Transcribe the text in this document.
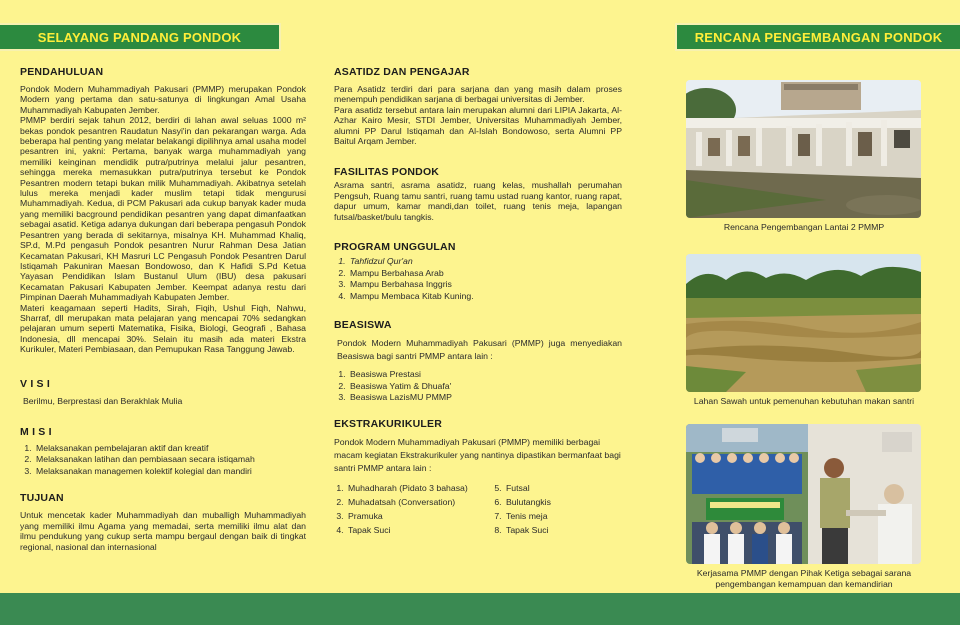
SELAYANG PANDANG PONDOK	RENCANA PENGEMBANGAN PONDOK
PENDAHULUAN

Pondok Modern Muhammadiyah Pakusari (PMMP) merupakan Pondok Modern yang pertama dan satu-satunya di lingkungan Amal Usaha Muhammadiyah Kabupaten Jember.

PMMP berdiri sejak tahun 2012, berdiri di lahan awal seluas 1000 m² bekas pondok pesantren Raudatun Nasyi'in dan pekarangan warga. Ada beberapa hal penting yang melatar belakangi dipilihnya amal usaha model pesantren ini, yakni: Pertama, banyak warga muhammadiyah yang memiliki keinginan mendidik putra/putrinya melalui jalur pesantren, sehingga mereka memasukkan putra/putrinya tersebut ke Pondok Pesantren modern tetapi bukan milik Muhammadiyah. Akibatnya setelah lulus mereka menjadi kader muslim tetapi tidak mengurusi Muhammadiyah. Kedua, di PCM Pakusari ada cukup banyak kader muda yang memiliki bacground pendidikan pesantren yang dapat dimanfaatkan sebagai asatid. Ketiga adanya dukungan dari beberapa pengasuh Pondok Pesantren yang berada di sekitarnya, misalnya KH. Muhammad Khaliq, SP.d, M.Pd pengasuh Pondok pesantren Nurur Rahman Desa Jatian Kecamatan Pakusari, KH Masruri LC Pengasuh Pondok Pesantren Darul Istiqamah Pakuniran Maesan Bondowoso, dan K Hafidi S.Pd Ketua Yayasan Pendidikan Islam Bustanul Ulum (IBU) desa pakusari Kecamatan Pakusari Kabupaten Jember. Keempat adanya restu dari Pimpinan Daerah Muhammadiyah Kabupaten Jember.

Materi keagamaan seperti Hadits, Sirah, Fiqih, Ushul Fiqh, Nahwu, Sharraf, dll merupakan mata pelajaran yang mencapai 70% sedangkan pelajaran umum seperti Matematika, Fisika, Biologi, Geografi , Bahasa Indonesia, dll mencapai 30%. Selain itu masih ada materi Ekstra Kurikuler, Materi Pembiasaan, dan Pemupukan Rasa Tanggung Jawab.

V I S I

Berilmu, Berprestasi dan Berakhlak Mulia

M I S I
1. Melaksanakan pembelajaran aktif dan kreatif
2. Melaksanakan latihan dan pembiasaan secara istiqamah
3. Melaksanakan managemen kolektif kolegial dan mandiri
TUJUAN

Untuk mencetak kader Muhammadiyah dan muballigh Muhammadiyah yang memiliki ilmu Agama yang memadai, serta memiliki ilmu alat dan ilmu pendukung yang cukup serta mampu bergaul dengan baik di tingkat regional, nasional dan internasional

ASATIDZ DAN PENGAJAR

Para Asatidz terdiri dari para sarjana dan yang masih dalam proses menempuh pendidikan sarjana di berbagai universitas di Jember.

Para asatidz tersebut antara lain merupakan alumni dari LIPIA Jakarta, Al-Azhar Kairo Mesir, STDI Jember, Universitas Muhammadiyah Jember, alumni PP Darul Istiqamah dan Al-Islah Bondowoso, serta Alumni PP Baitul Arqam Jember.

FASILITAS PONDOK

Asrama santri, asrama asatidz, ruang kelas, mushallah perumahan Pengsuh, Ruang tamu santri, ruang tamu ustad ruang kantor, ruang rapat, dapur umum, kamar mandi,dan toilet, ruang tenis meja, lapangan futsal/basket/bulu tangkis.

PROGRAM UNGGULAN
1. Tahfidzul Qur'an
2. Mampu Berbahasa Arab
3. Mampu Berbahasa Inggris
4. Mampu Membaca Kitab Kuning.
BEASISWA

Pondok Modern Muhammadiyah Pakusari (PMMP) juga menyediakan Beasiswa bagi santri PMMP antara lain :

1. Beasiswa Prestasi
2. Beasiswa Yatim & Dhuafa'
3. Beasiswa LazisMU PMMP
EKSTRAKURIKULER

Pondok Modern Muhammadiyah Pakusari (PMMP) memiliki berbagai macam kegiatan Ekstrakurikuler yang nantinya dipastikan bermanfaat bagi santri PMMP antara lain :

1. Muhadharah (Pidato 3 bahasa)
2. Muhadatsah (Conversation)
3. Pramuka
4. Tapak Suci
5. Futsal
6. Bulutangkis
7. Tenis meja
8. Tapak Suci
Rencana Pengembangan Lantai 2 PMMP
Lahan Sawah untuk pemenuhan kebutuhan makan santri
Kerjasama PMMP dengan Pihak Ketiga sebagai sarana pengembangan kemampuan dan kemandirian
